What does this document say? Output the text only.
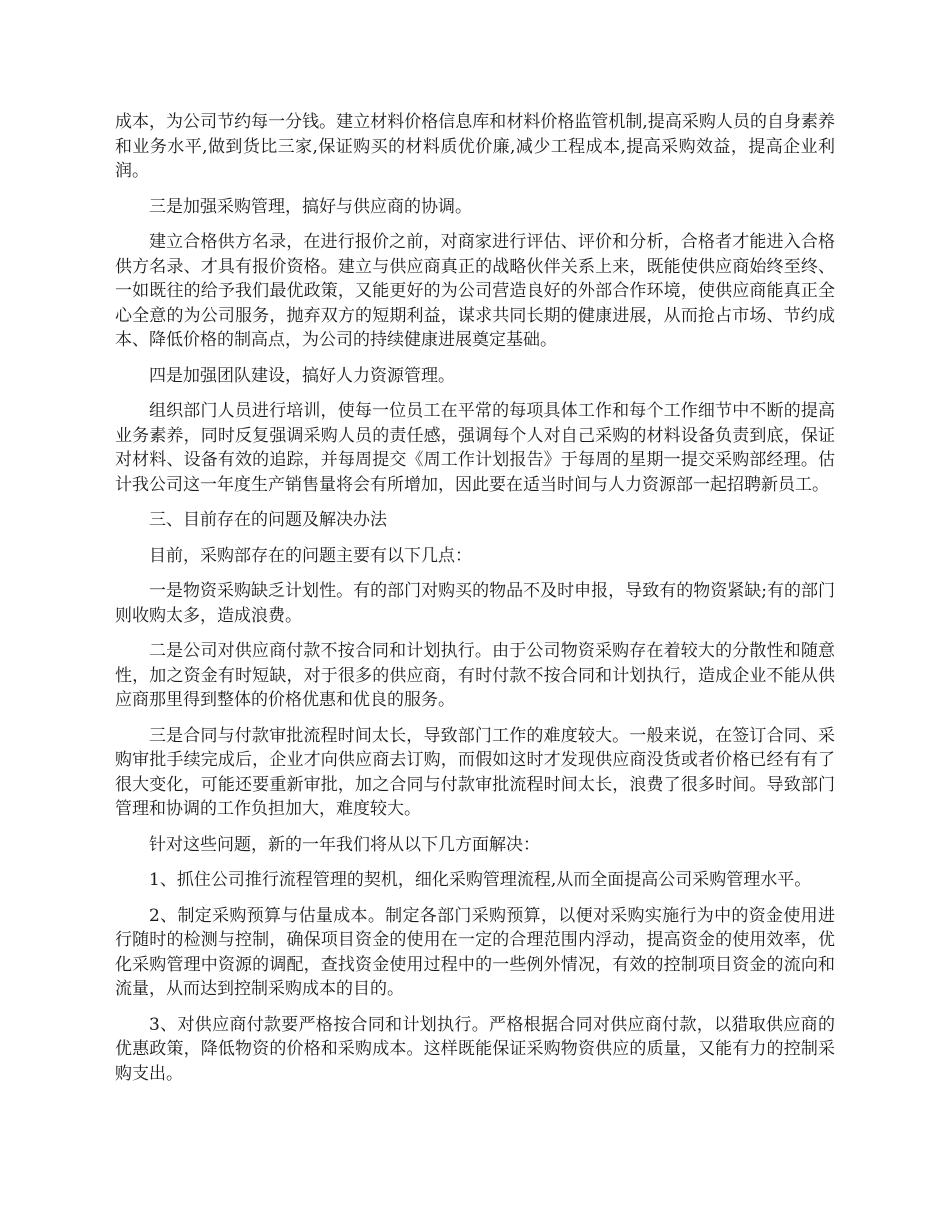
成本，为公司节约每一分钱。建立材料价格信息库和材料价格监管机制,提高采购人员的自身素养和业务水平,做到货比三家,保证购买的材料质优价廉,减少工程成本,提高采购效益，提高企业利润。

三是加强采购管理，搞好与供应商的协调。

建立合格供方名录，在进行报价之前，对商家进行评估、评价和分析，合格者才能进入合格供方名录、才具有报价资格。建立与供应商真正的战略伙伴关系上来，既能使供应商始终至终、一如既往的给予我们最优政策，又能更好的为公司营造良好的外部合作环境，使供应商能真正全心全意的为公司服务，抛弃双方的短期利益，谋求共同长期的健康进展，从而抢占市场、节约成本、降低价格的制高点，为公司的持续健康进展奠定基础。

四是加强团队建设，搞好人力资源管理。

组织部门人员进行培训，使每一位员工在平常的每项具体工作和每个工作细节中不断的提高业务素养，同时反复强调采购人员的责任感，强调每个人对自己采购的材料设备负责到底，保证对材料、设备有效的追踪，并每周提交《周工作计划报告》于每周的星期一提交采购部经理。估计我公司这一年度生产销售量将会有所增加，因此要在适当时间与人力资源部一起招聘新员工。

三、目前存在的问题及解决办法

目前，采购部存在的问题主要有以下几点：

一是物资采购缺乏计划性。有的部门对购买的物品不及时申报，导致有的物资紧缺;有的部门则收购太多，造成浪费。

二是公司对供应商付款不按合同和计划执行。由于公司物资采购存在着较大的分散性和随意性，加之资金有时短缺，对于很多的供应商，有时付款不按合同和计划执行，造成企业不能从供应商那里得到整体的价格优惠和优良的服务。

三是合同与付款审批流程时间太长，导致部门工作的难度较大。一般来说，在签订合同、采购审批手续完成后，企业才向供应商去订购，而假如这时才发现供应商没货或者价格已经有有了很大变化，可能还要重新审批，加之合同与付款审批流程时间太长，浪费了很多时间。导致部门管理和协调的工作负担加大，难度较大。

针对这些问题，新的一年我们将从以下几方面解决：

1、抓住公司推行流程管理的契机，细化采购管理流程,从而全面提高公司采购管理水平。

2、制定采购预算与估量成本。制定各部门采购预算，以便对采购实施行为中的资金使用进行随时的检测与控制，确保项目资金的使用在一定的合理范围内浮动，提高资金的使用效率，优化采购管理中资源的调配，查找资金使用过程中的一些例外情况，有效的控制项目资金的流向和流量，从而达到控制采购成本的目的。

3、对供应商付款要严格按合同和计划执行。严格根据合同对供应商付款，以猎取供应商的优惠政策，降低物资的价格和采购成本。这样既能保证采购物资供应的质量，又能有力的控制采购支出。
